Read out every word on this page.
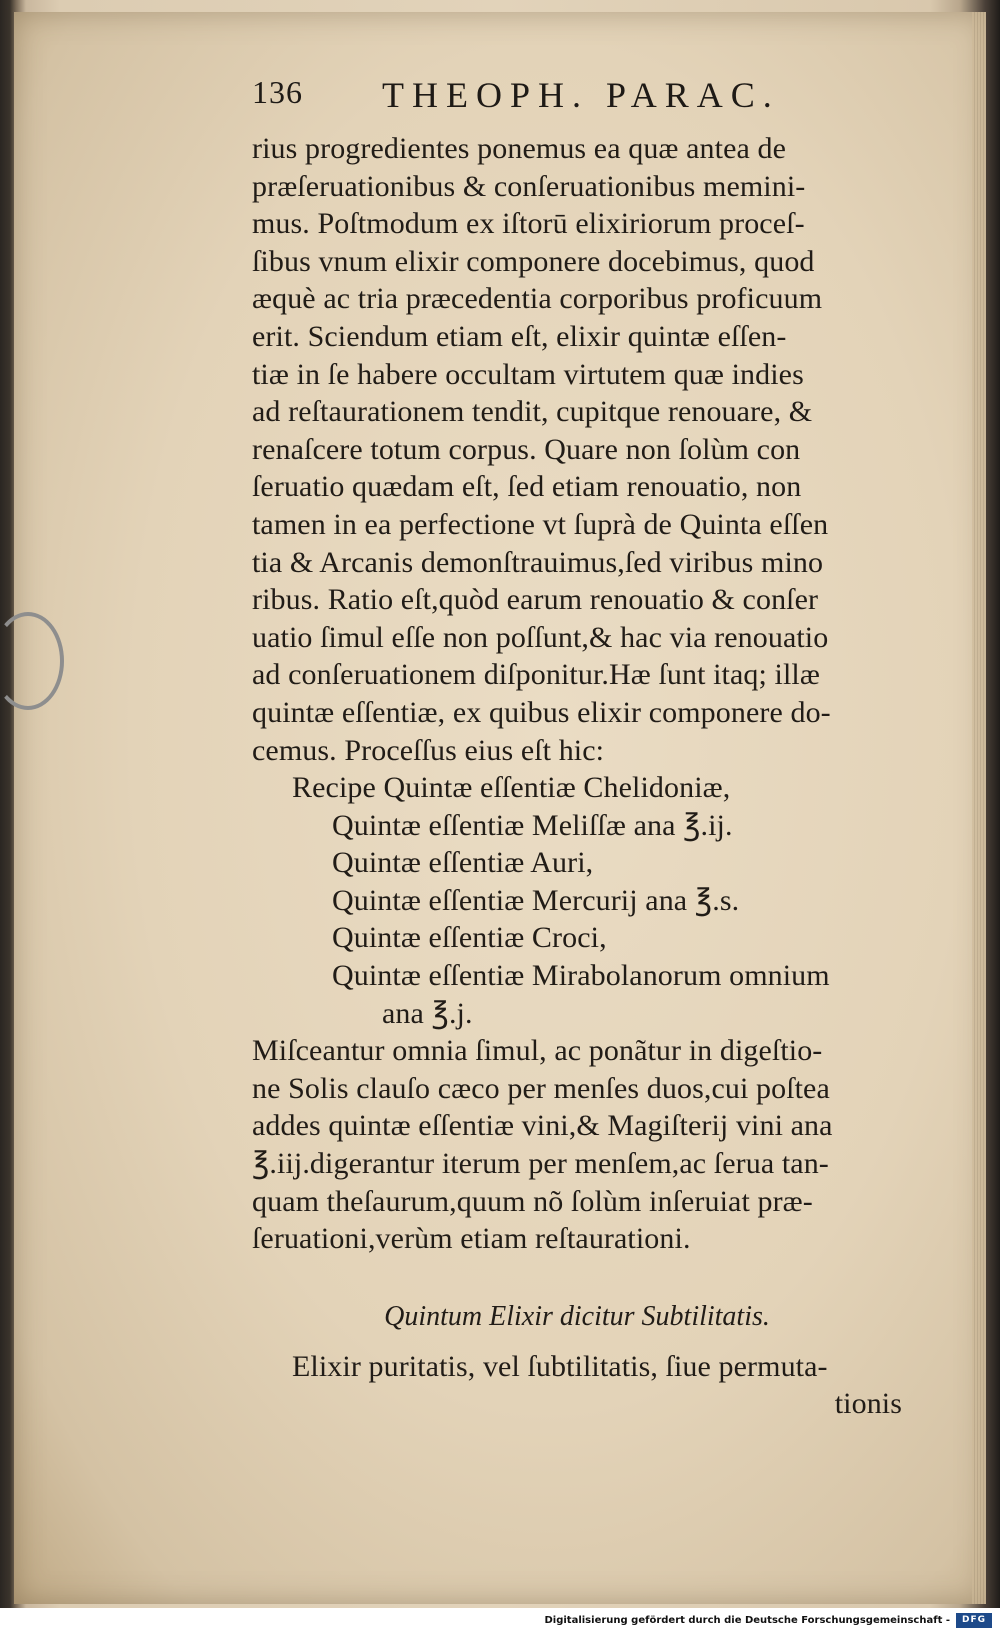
136 THEOPH. PARAC.
rius progredientes ponemus ea quæ antea de
præſeruationibus & conſeruationibus memini-
mus. Poſtmodum ex iſtorū elixiriorum proceſ-
ſibus vnum elixir componere docebimus, quod
æquè ac tria præcedentia corporibus proficuum
erit. Sciendum etiam eſt, elixir quintæ eſſen-
tiæ in ſe habere occultam virtutem quæ indies
ad reſtaurationem tendit, cupitque renouare, &
renaſcere totum corpus. Quare non ſolùm con
ſeruatio quædam eſt, ſed etiam renouatio, non
tamen in ea perfectione vt ſuprà de Quinta eſſen
tia & Arcanis demonſtrauimus,ſed viribus mino
ribus. Ratio eſt,quòd earum renouatio & conſer
uatio ſimul eſſe non poſſunt,& hac via renouatio
ad conſeruationem diſponitur.Hæ ſunt itaq; illæ
quintæ eſſentiæ, ex quibus elixir componere do-
cemus. Proceſſus eius eſt hic:
Recipe Quintæ eſſentiæ Chelidoniæ,
Quintæ eſſentiæ Meliſſæ ana ℥.ij.
Quintæ eſſentiæ Auri,
Quintæ eſſentiæ Mercurij ana ℥.s.
Quintæ eſſentiæ Croci,
Quintæ eſſentiæ Mirabolanorum omnium
ana ℥.j.
Miſceantur omnia ſimul, ac ponãtur in digeſtio-
ne Solis clauſo cæco per menſes duos,cui poſtea
addes quintæ eſſentiæ vini,& Magiſterij vini ana
℥.iij.digerantur iterum per menſem,ac ſerua tan-
quam theſaurum,quum nõ ſolùm inſeruiat præ-
ſeruationi,verùm etiam reſtaurationi.
Quintum Elixir dicitur Subtilitatis.
Elixir puritatis, vel ſubtilitatis, ſiue permuta-
tionis
Digitalisierung gefördert durch die Deutsche Forschungsgemeinschaft -	DFG
